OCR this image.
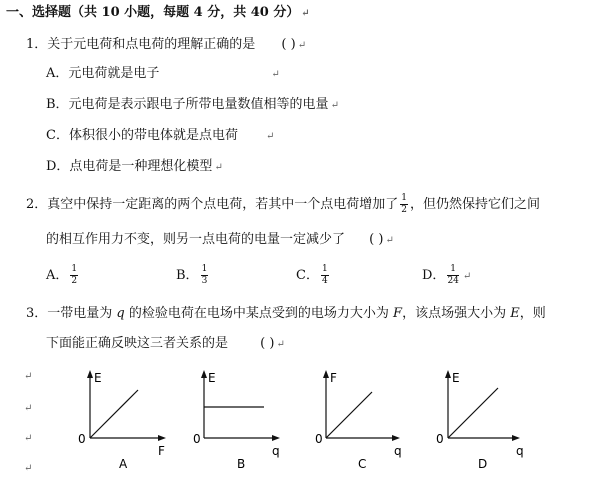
一、选择题（共 10 小题，每题 4 分，共 40 分） ↵
1．关于元电荷和点电荷的理解正确的是 ( ) ↵
A．元电荷就是电子	↵
B．元电荷是表示跟电子所带电量数值相等的电量 ↵
C．体积很小的带电体就是点电荷	↵
D．点电荷是一种理想化模型 ↵
2．真空中保持一定距离的两个点电荷，若其中一个点电荷增加了 $\frac{1}{2}$ ，但仍然保持它们之间
的相互作用力不变，则另一点电荷的电量一定减少了 ( ) ↵
A． $\frac{1}{2}$	B． $\frac{1}{3}$	C． $\frac{1}{4}$	D． $\frac{1}{24}$ ↵
3．一带电量为 q 的检验电荷在电场中某点受到的电场力大小为 F，该点场强大小为 E，则
下面能正确反映这三者关系的是 ( ) ↵
↵
↵
↵
↵
E
F
0
A
E
q
0
B
F
q
0
C
E
q
0
D
